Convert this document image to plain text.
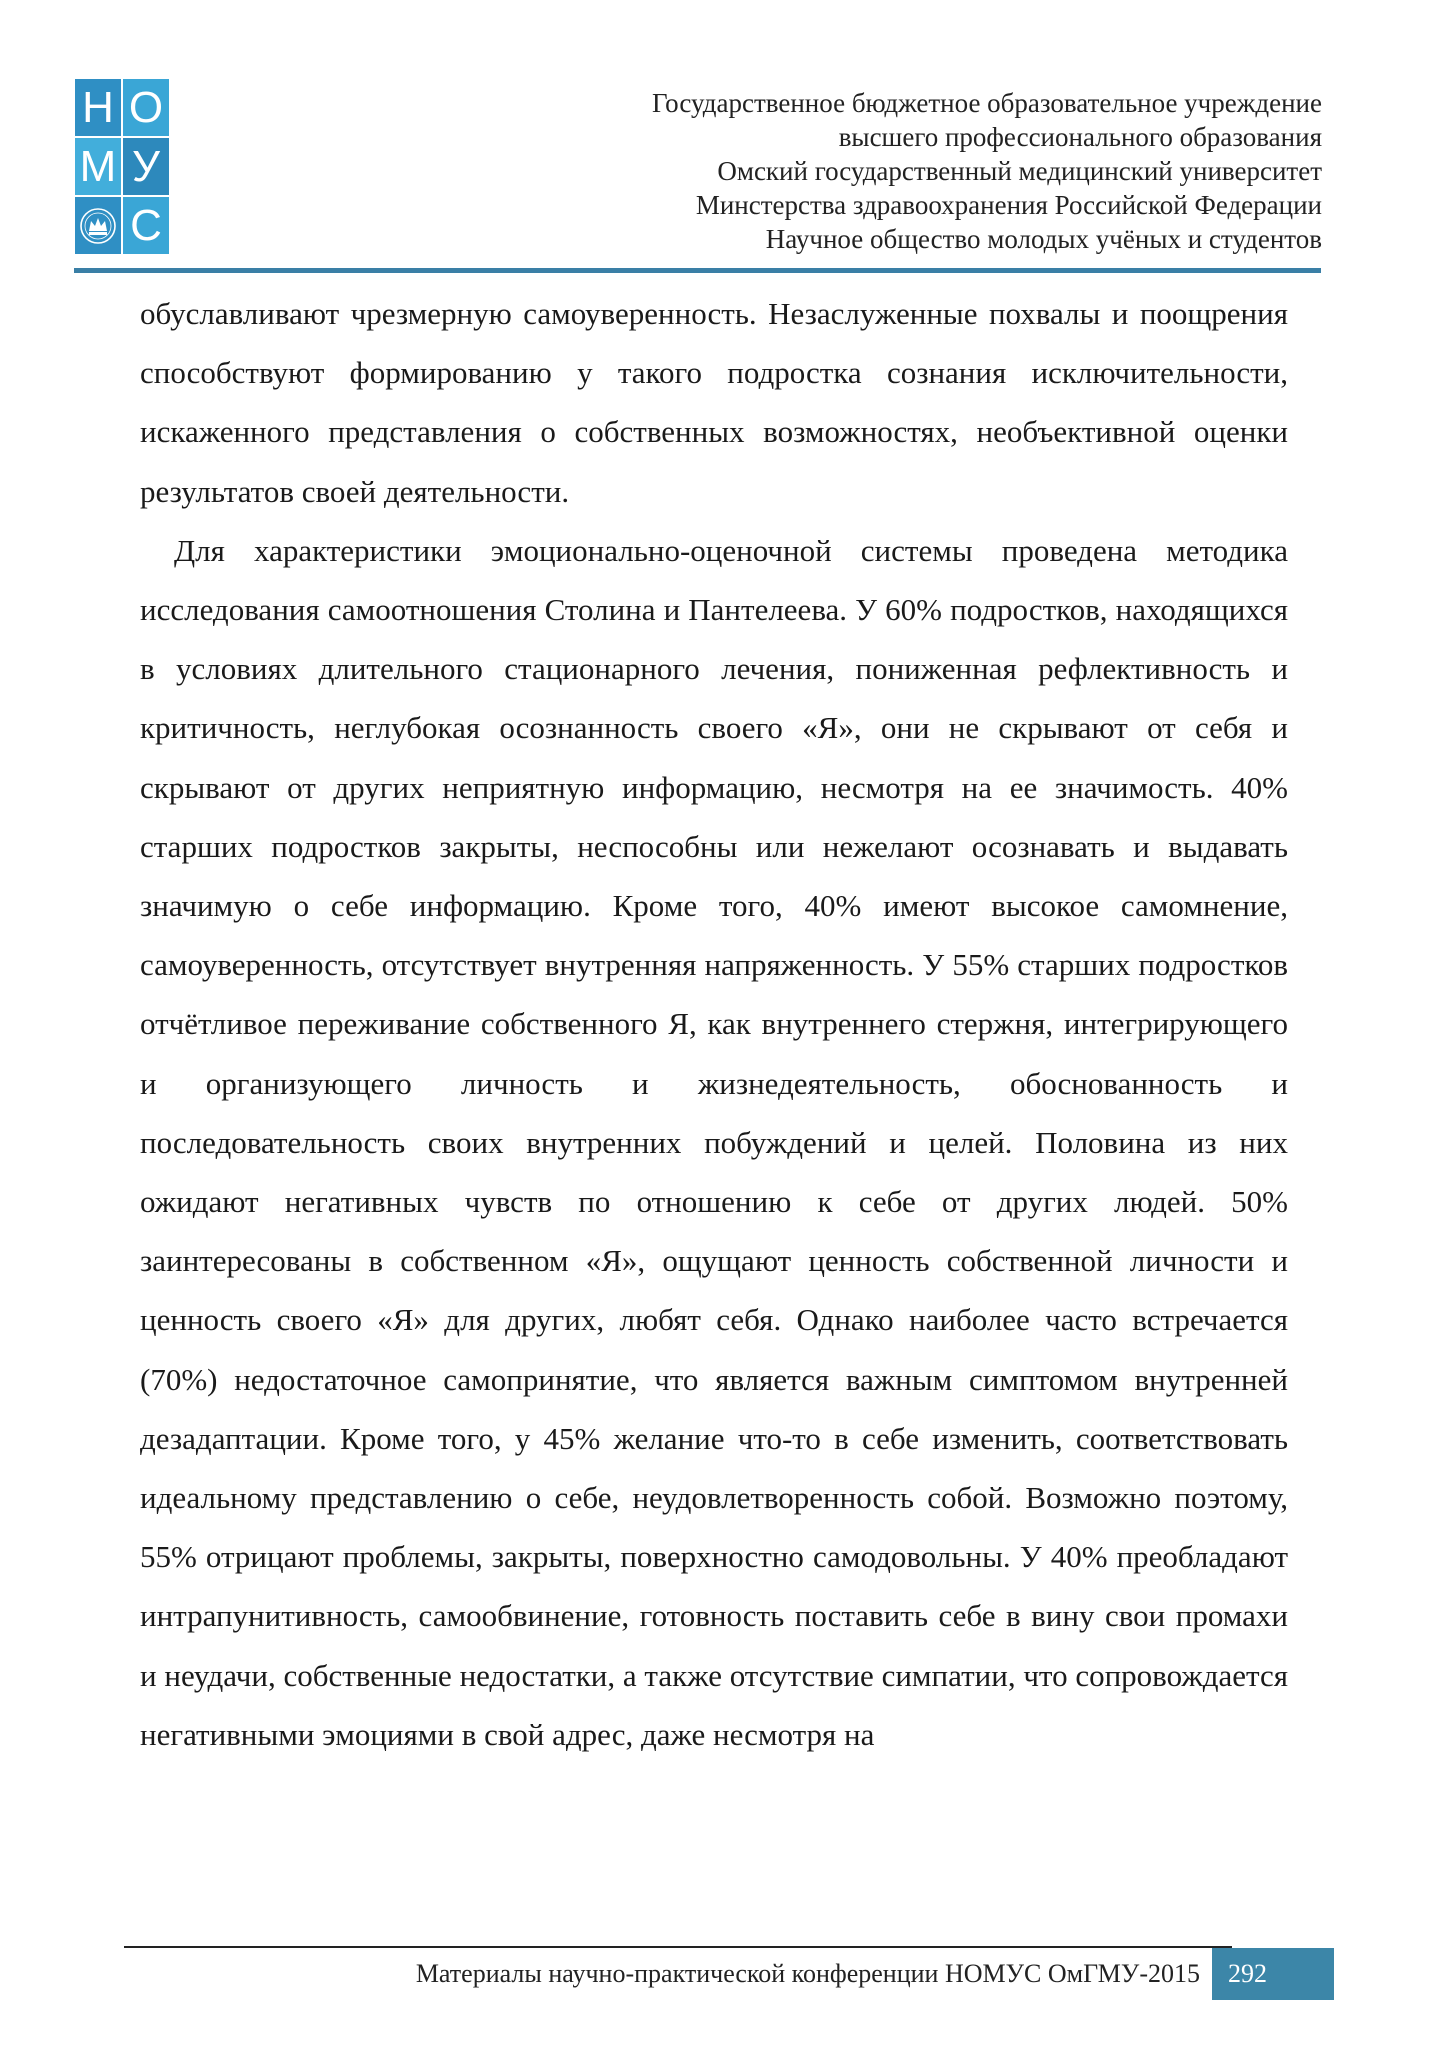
Н О
М У
С
Государственное бюджетное образовательное учреждение
высшего профессионального образования
Омский государственный медицинский университет
Минстерства здравоохранения Российской Федерации
Научное общество молодых учёных и студентов

обуславливают чрезмерную самоуверенность. Незаслуженные похвалы и поощрения способствуют формированию у такого подростка сознания исключительности, искаженного представления о собственных возможностях, необъективной оценки результатов своей деятельности.

Для характеристики эмоционально-оценочной системы проведена методика исследования самоотношения Столина и Пантелеева. У 60% подростков, находящихся в условиях длительного стационарного лечения, пониженная рефлективность и критичность, неглубокая осознанность своего «Я», они не скрывают от себя и скрывают от других неприятную информацию, несмотря на ее значимость. 40% старших подростков закрыты, неспособны или нежелают осознавать и выдавать значимую о себе информацию. Кроме того, 40% имеют высокое самомнение, самоуверенность, отсутствует внутренняя напряженность. У 55% старших подростков отчётливое переживание собственного Я, как внутреннего стержня, интегрирующего и организующего личность и жизнедеятельность, обоснованность и последовательность своих внутренних побуждений и целей. Половина из них ожидают негативных чувств по отношению к себе от других людей. 50% заинтересованы в собственном «Я», ощущают ценность собственной личности и ценность своего «Я» для других, любят себя. Однако наиболее часто встречается (70%) недостаточное самопринятие, что является важным симптомом внутренней дезадаптации. Кроме того, у 45% желание что-то в себе изменить, соответствовать идеальному представлению о себе, неудовлетворенность собой. Возможно поэтому, 55% отрицают проблемы, закрыты, поверхностно самодовольны. У 40% преобладают интрапунитивность, самообвинение, готовность поставить себе в вину свои промахи и неудачи, собственные недостатки, а также отсутствие симпатии, что сопровождается негативными эмоциями в свой адрес, даже несмотря на

Материалы научно-практической конференции НОМУС ОмГМУ-2015	292
